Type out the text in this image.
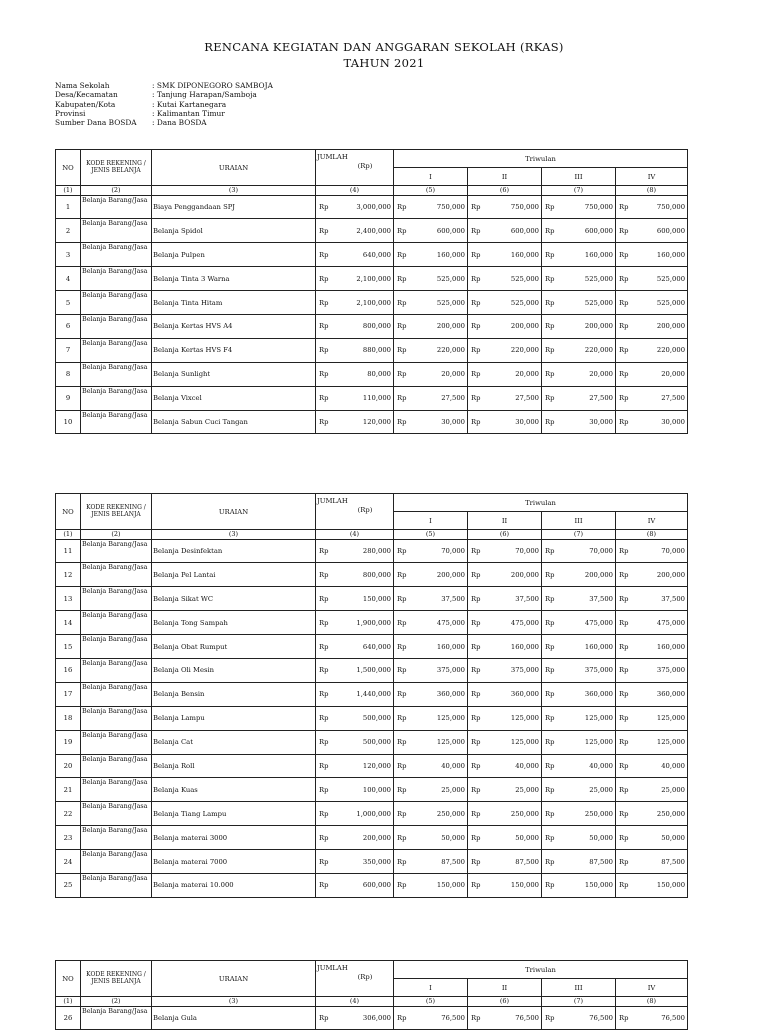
RENCANA KEGIATAN DAN ANGGARAN SEKOLAH (RKAS)
TAHUN 2021
Nama Sekolah	: SMK DIPONEGORO SAMBOJA
Desa/Kecamatan	: Tanjung Harapan/Samboja
Kabupaten/Kota	: Kutai Kartanegara
Provinsi	: Kalimantan Timur
Sumber Dana BOSDA	: Dana BOSDA
NO	KODE REKENING / JENIS BELANJA	URAIAN	JUMLAH
(Rp)	Triwulan			
				I	II	III	IV
(1)	(2)	(3)	(4)	(5)	(6)	(7)	(8)
1	Belanja Barang/Jasa	Biaya Penggandaan SPJ	Rp 3,000,000	Rp 750,000	Rp 750,000	Rp 750,000	Rp 750,000

2	Belanja Barang/Jasa	Belanja Spidol	Rp 2,400,000	Rp 600,000	Rp 600,000	Rp 600,000	Rp 600,000

3	Belanja Barang/Jasa	Belanja Pulpen	Rp 640,000	Rp 160,000	Rp 160,000	Rp 160,000	Rp 160,000

4	Belanja Barang/Jasa	Belanja Tinta 3 Warna	Rp 2,100,000	Rp 525,000	Rp 525,000	Rp 525,000	Rp 525,000

5	Belanja Barang/Jasa	Belanja Tinta Hitam	Rp 2,100,000	Rp 525,000	Rp 525,000	Rp 525,000	Rp 525,000

6	Belanja Barang/Jasa	Belanja Kertas HVS A4	Rp 800,000	Rp 200,000	Rp 200,000	Rp 200,000	Rp 200,000

7	Belanja Barang/Jasa	Belanja Kertas HVS F4	Rp 880,000	Rp 220,000	Rp 220,000	Rp 220,000	Rp 220,000

8	Belanja Barang/Jasa	Belanja Sunlight	Rp 80,000	Rp 20,000	Rp 20,000	Rp 20,000	Rp 20,000

9	Belanja Barang/Jasa	Belanja Vixcel	Rp 110,000	Rp 27,500	Rp 27,500	Rp 27,500	Rp 27,500

10	Belanja Barang/Jasa	Belanja Sabun Cuci Tangan	Rp 120,000	Rp 30,000	Rp 30,000	Rp 30,000	Rp 30,000
NO	KODE REKENING / JENIS BELANJA	URAIAN	JUMLAH
(Rp)	Triwulan			
				I	II	III	IV
(1)	(2)	(3)	(4)	(5)	(6)	(7)	(8)
11	Belanja Barang/Jasa	Belanja Desinfektan	Rp 280,000	Rp 70,000	Rp 70,000	Rp 70,000	Rp 70,000

12	Belanja Barang/Jasa	Belanja Pel Lantai	Rp 800,000	Rp 200,000	Rp 200,000	Rp 200,000	Rp 200,000

13	Belanja Barang/Jasa	Belanja Sikat WC	Rp 150,000	Rp 37,500	Rp 37,500	Rp 37,500	Rp 37,500

14	Belanja Barang/Jasa	Belanja Tong Sampah	Rp 1,900,000	Rp 475,000	Rp 475,000	Rp 475,000	Rp 475,000

15	Belanja Barang/Jasa	Belanja Obat Rumput	Rp 640,000	Rp 160,000	Rp 160,000	Rp 160,000	Rp 160,000

16	Belanja Barang/Jasa	Belanja Oli Mesin	Rp 1,500,000	Rp 375,000	Rp 375,000	Rp 375,000	Rp 375,000

17	Belanja Barang/Jasa	Belanja Bensin	Rp 1,440,000	Rp 360,000	Rp 360,000	Rp 360,000	Rp 360,000

18	Belanja Barang/Jasa	Belanja Lampu	Rp 500,000	Rp 125,000	Rp 125,000	Rp 125,000	Rp 125,000

19	Belanja Barang/Jasa	Belanja Cat	Rp 500,000	Rp 125,000	Rp 125,000	Rp 125,000	Rp 125,000

20	Belanja Barang/Jasa	Belanja Roll	Rp 120,000	Rp 40,000	Rp 40,000	Rp 40,000	Rp 40,000

21	Belanja Barang/Jasa	Belanja Kuas	Rp 100,000	Rp 25,000	Rp 25,000	Rp 25,000	Rp 25,000

22	Belanja Barang/Jasa	Belanja Tiang Lampu	Rp 1,000,000	Rp 250,000	Rp 250,000	Rp 250,000	Rp 250,000

23	Belanja Barang/Jasa	Belanja materai 3000	Rp 200,000	Rp 50,000	Rp 50,000	Rp 50,000	Rp 50,000

24	Belanja Barang/Jasa	Belanja materai 7000	Rp 350,000	Rp 87,500	Rp 87,500	Rp 87,500	Rp 87,500

25	Belanja Barang/Jasa	Belanja materai 10.000	Rp 600,000	Rp 150,000	Rp 150,000	Rp 150,000	Rp 150,000
NO	KODE REKENING / JENIS BELANJA	URAIAN	JUMLAH
(Rp)	Triwulan			
				I	II	III	IV
(1)	(2)	(3)	(4)	(5)	(6)	(7)	(8)
26	Belanja Barang/Jasa	Belanja Gula	Rp 306,000	Rp 76,500	Rp 76,500	Rp 76,500	Rp 76,500
